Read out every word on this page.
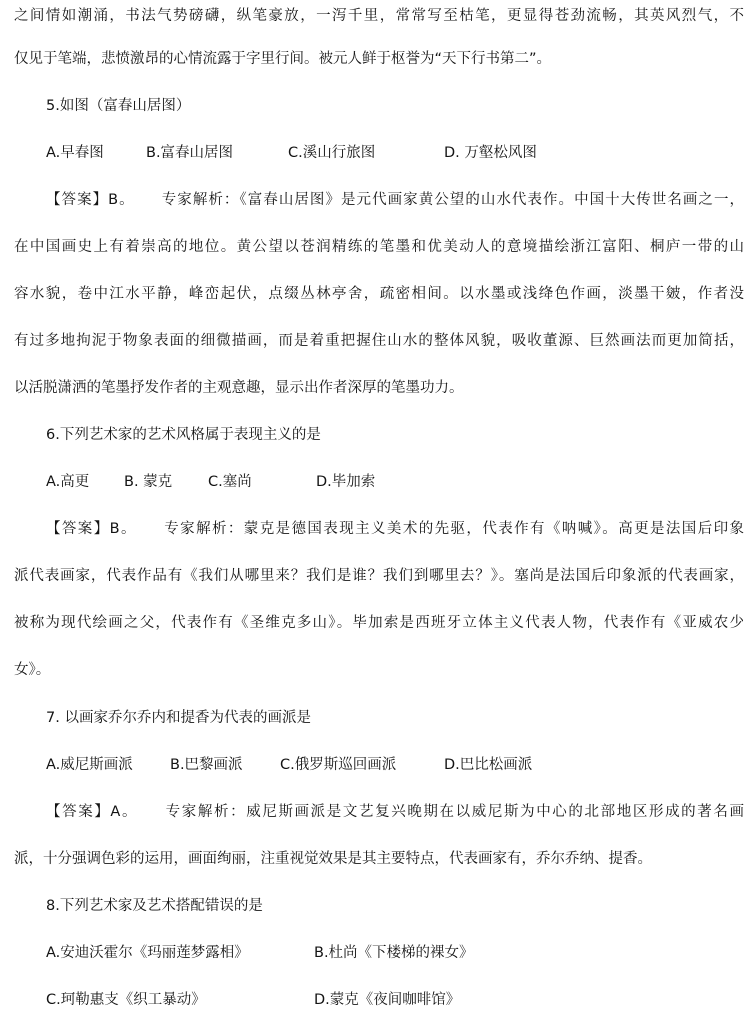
之间情如潮涌，书法气势磅礴，纵笔豪放，一泻千里，常常写至枯笔，更显得苍劲流畅，其英风烈气，不
仅见于笔端，悲愤激昂的心情流露于字里行间。被元人鲜于枢誉为“天下行书第二”。
5.如图（富春山居图）
A.早春图	B.富春山居图	C.溪山行旅图	D. 万壑松风图
【答案】B。 专家解析：《富春山居图》是元代画家黄公望的山水代表作。中国十大传世名画之一，
在中国画史上有着崇高的地位。黄公望以苍润精练的笔墨和优美动人的意境描绘浙江富阳、桐庐一带的山
容水貌，卷中江水平静，峰峦起伏，点缀丛林亭舍，疏密相间。以水墨或浅绛色作画，淡墨干皴，作者没
有过多地拘泥于物象表面的细微描画，而是着重把握住山水的整体风貌，吸收董源、巨然画法而更加简括，
以活脱潇洒的笔墨抒发作者的主观意趣，显示出作者深厚的笔墨功力。
6.下列艺术家的艺术风格属于表现主义的是
A.高更 B. 蒙克 C.塞尚	D.毕加索
【答案】B。 专家解析：蒙克是德国表现主义美术的先驱，代表作有《呐喊》。高更是法国后印象
派代表画家，代表作品有《我们从哪里来？我们是谁？我们到哪里去？》。塞尚是法国后印象派的代表画家，
被称为现代绘画之父，代表作有《圣维克多山》。毕加索是西班牙立体主义代表人物，代表作有《亚威农少
女》。
7. 以画家乔尔乔内和提香为代表的画派是
A.威尼斯画派	B.巴黎画派	C.俄罗斯巡回画派	D.巴比松画派
【答案】A。 专家解析：威尼斯画派是文艺复兴晚期在以威尼斯为中心的北部地区形成的著名画
派，十分强调色彩的运用，画面绚丽，注重视觉效果是其主要特点，代表画家有，乔尔乔纳、提香。
8.下列艺术家及艺术搭配错误的是
A.安迪沃霍尔《玛丽莲梦露相》	B.杜尚《下楼梯的裸女》
C.珂勒惠支《织工暴动》	D.蒙克《夜间咖啡馆》
